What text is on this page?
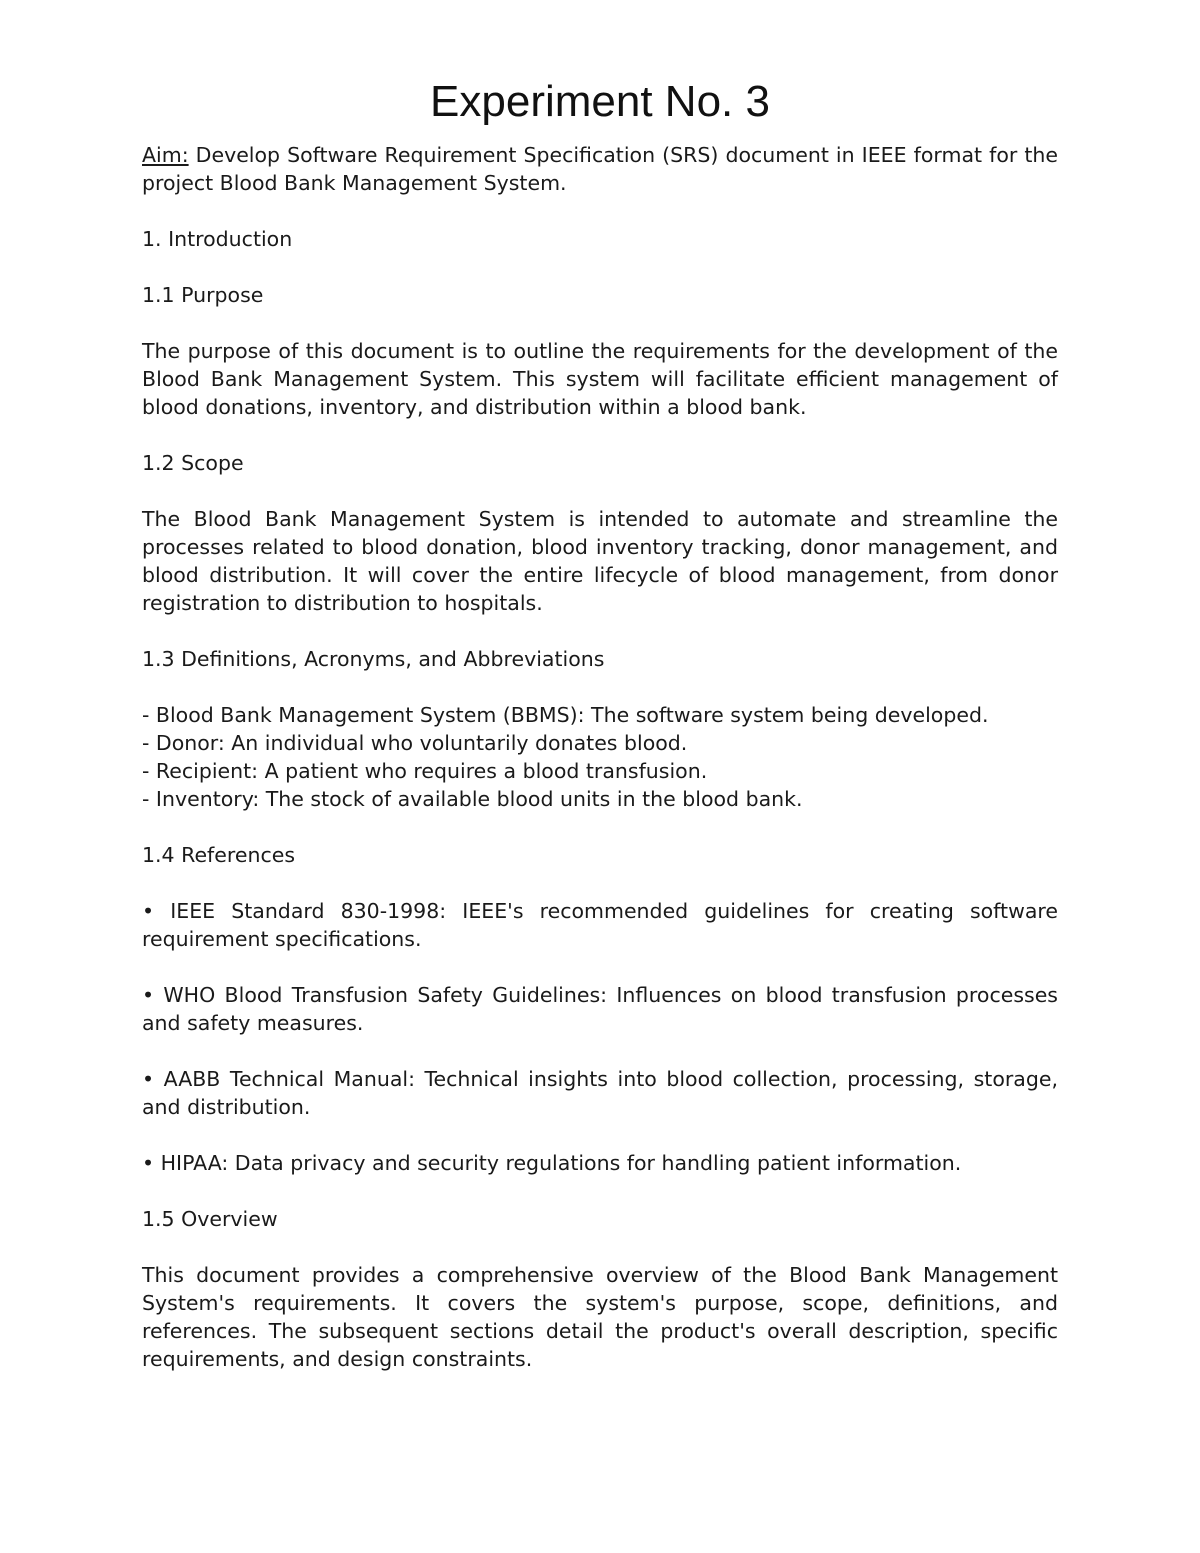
Experiment No. 3

Aim: Develop Software Requirement Specification (SRS) document in IEEE format for the project Blood Bank Management System.

1. Introduction

1.1 Purpose

The purpose of this document is to outline the requirements for the development of the Blood Bank Management System. This system will facilitate efficient management of blood donations, inventory, and distribution within a blood bank.

1.2 Scope

The Blood Bank Management System is intended to automate and streamline the processes related to blood donation, blood inventory tracking, donor management, and blood distribution. It will cover the entire lifecycle of blood management, from donor registration to distribution to hospitals.

1.3 Definitions, Acronyms, and Abbreviations

- Blood Bank Management System (BBMS): The software system being developed.

- Donor: An individual who voluntarily donates blood.

- Recipient: A patient who requires a blood transfusion.

- Inventory: The stock of available blood units in the blood bank.

1.4 References

• IEEE Standard 830-1998: IEEE's recommended guidelines for creating software requirement specifications.

• WHO Blood Transfusion Safety Guidelines: Influences on blood transfusion processes and safety measures.

• AABB Technical Manual: Technical insights into blood collection, processing, storage, and distribution.

• HIPAA: Data privacy and security regulations for handling patient information.

1.5 Overview

This document provides a comprehensive overview of the Blood Bank Management System's requirements. It covers the system's purpose, scope, definitions, and references. The subsequent sections detail the product's overall description, specific requirements, and design constraints.
